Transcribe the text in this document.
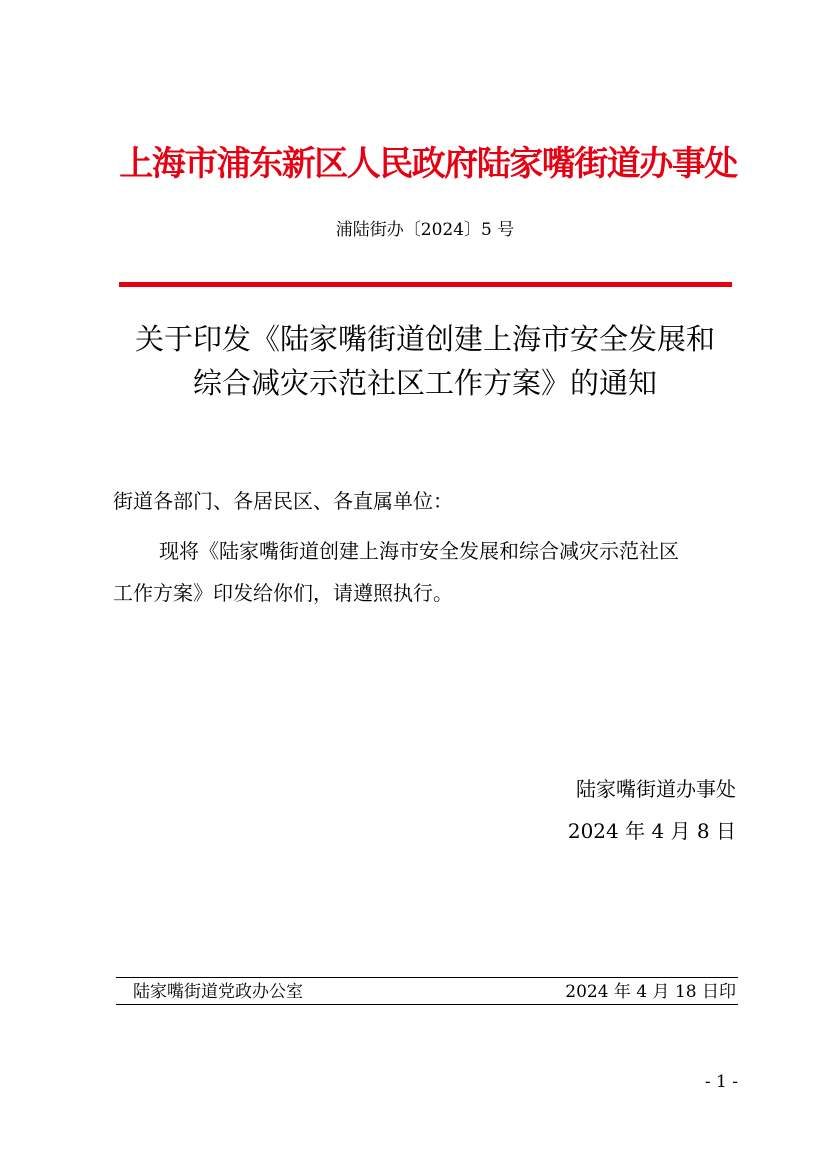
上海市浦东新区人民政府陆家嘴街道办事处
浦陆街办〔2024〕5 号
关于印发《陆家嘴街道创建上海市安全发展和
综合减灾示范社区工作方案》的通知
街道各部门、各居民区、各直属单位：
现将《陆家嘴街道创建上海市安全发展和综合减灾示范社区
工作方案》印发给你们，请遵照执行。
陆家嘴街道办事处
2024 年 4 月 8 日
陆家嘴街道党政办公室	2024 年 4 月 18 日印
- 1 -
